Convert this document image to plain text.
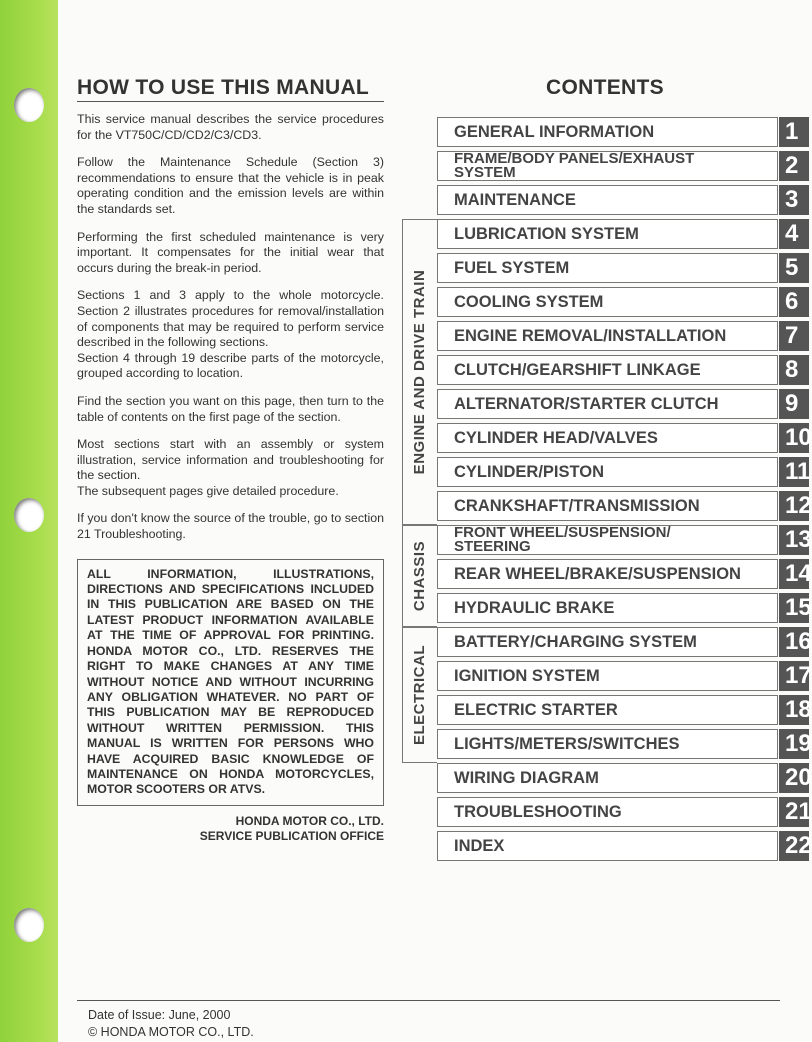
HOW TO USE THIS MANUAL	CONTENTS

This service manual describes the service procedures for the VT750C/CD/CD2/C3/CD3.

Follow the Maintenance Schedule (Section 3) recommendations to ensure that the vehicle is in peak operating condition and the emission levels are within the standards set.

Performing the first scheduled maintenance is very important. It compensates for the initial wear that occurs during the break-in period.

Sections 1 and 3 apply to the whole motorcycle. Section 2 illustrates procedures for removal/installation of components that may be required to perform service described in the following sections.

Section 4 through 19 describe parts of the motorcycle, grouped according to location.

Find the section you want on this page, then turn to the table of contents on the first page of the section.

Most sections start with an assembly or system illustration, service information and troubleshooting for the section.

The subsequent pages give detailed procedure.

If you don't know the source of the trouble, go to section 21 Troubleshooting.

ALL INFORMATION, ILLUSTRATIONS, DIRECTIONS AND SPECIFICATIONS INCLUDED IN THIS PUBLICATION ARE BASED ON THE LATEST PRODUCT INFORMATION AVAILABLE AT THE TIME OF APPROVAL FOR PRINTING. HONDA MOTOR CO., LTD. RESERVES THE RIGHT TO MAKE CHANGES AT ANY TIME WITHOUT NOTICE AND WITHOUT INCURRING ANY OBLIGATION WHATEVER. NO PART OF THIS PUBLICATION MAY BE REPRODUCED WITHOUT WRITTEN PERMISSION. THIS MANUAL IS WRITTEN FOR PERSONS WHO HAVE ACQUIRED BASIC KNOWLEDGE OF MAINTENANCE ON HONDA MOTORCYCLES, MOTOR SCOOTERS OR ATVS.
HONDA MOTOR CO., LTD.
SERVICE PUBLICATION OFFICE
ENGINE AND DRIVE TRAIN
CHASSIS
ELECTRICAL
GENERAL INFORMATION	1
FRAME/BODY PANELS/EXHAUST SYSTEM	2
MAINTENANCE	3
LUBRICATION SYSTEM	4
FUEL SYSTEM	5
COOLING SYSTEM	6
ENGINE REMOVAL/INSTALLATION 7
CLUTCH/GEARSHIFT LINKAGE	8
ALTERNATOR/STARTER CLUTCH	9
CYLINDER HEAD/VALVES	10
CYLINDER/PISTON	11
CRANKSHAFT/TRANSMISSION	12
FRONT WHEEL/SUSPENSION/ STEERING	13
REAR WHEEL/BRAKE/SUSPENSION 14
HYDRAULIC BRAKE	15
BATTERY/CHARGING SYSTEM	16
IGNITION SYSTEM	17
ELECTRIC STARTER	18
LIGHTS/METERS/SWITCHES	19
WIRING DIAGRAM	20
TROUBLESHOOTING	21
INDEX	22
Date of Issue: June, 2000
© HONDA MOTOR CO., LTD.
